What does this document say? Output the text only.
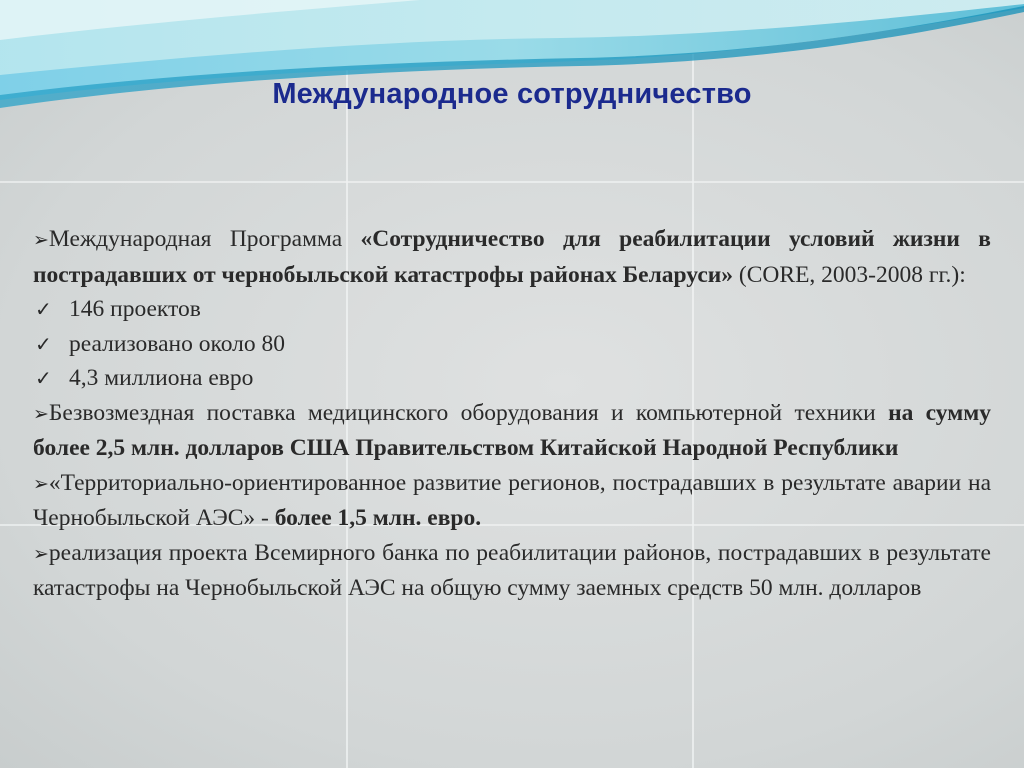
Международное сотрудничество

➢Международная Программа «Сотрудничество для реабилитации условий жизни в пострадавших от чернобыльской катастрофы районах Беларуси» (CORE, 2003-2008 гг.):

✓ 146 проектов

✓ реализовано около 80

✓ 4,3 миллиона евро

➢Безвозмездная поставка медицинского оборудования и компьютерной техники на сумму более 2,5 млн. долларов США Правительством Китайской Народной Республики

➢«Территориально-ориентированное развитие регионов, пострадавших в результате аварии на Чернобыльской АЭС» - более 1,5 млн. евро.

➢реализация проекта Всемирного банка по реабилитации районов, пострадавших в результате катастрофы на Чернобыльской АЭС на общую сумму заемных средств 50 млн. долларов
